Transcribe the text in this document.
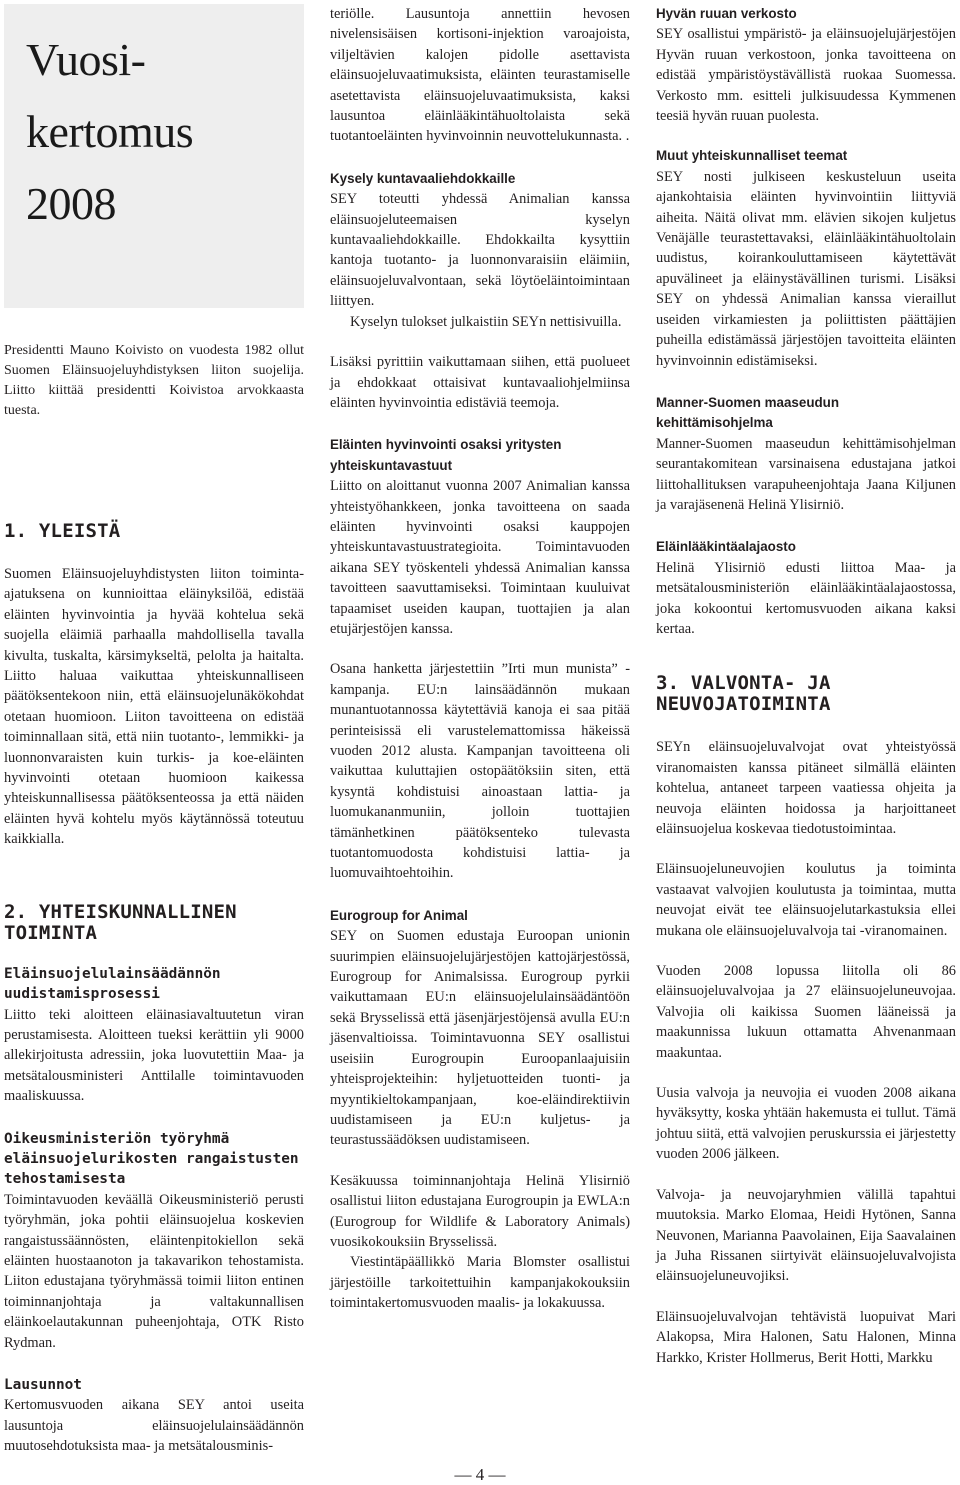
Vuosi-
kertomus
2008

Presidentti Mauno Koivisto on vuodesta 1982 ollut Suomen Eläinsuojeluyhdistyksen liiton suojelija. Liitto kiittää presidentti Koivistoa arvokkaasta tuesta.

1. YLEISTÄ

Suomen Eläinsuojeluyhdistysten liiton toiminta-ajatuksena on kunnioittaa eläinyksilöä, edistää eläinten hyvinvointia ja hyvää kohtelua sekä suojella eläimiä parhaalla mahdollisella tavalla kivulta, tuskalta, kärsimykseltä, pelolta ja haitalta. Liitto haluaa vaikuttaa yhteiskunnalliseen päätöksentekoon niin, että eläinsuojelunäkökohdat otetaan huomioon. Liiton tavoitteena on edistää toiminnallaan sitä, että niin tuotanto-, lemmikki- ja luonnonvaraisten kuin turkis- ja koe-eläinten hyvinvointi otetaan huomioon kaikessa yhteiskunnallisessa päätöksenteossa ja että näiden eläinten hyvä kohtelu myös käytännössä toteutuu kaikkialla.

2. YHTEISKUNNALLINEN TOIMINTA
Eläinsuojelulainsäädännön uudistamisprosessi

Liitto teki aloitteen eläinasiavaltuutetun viran perustamisesta. Aloitteen tueksi kerättiin yli 9000 allekirjoitusta adressiin, joka luovutettiin Maa- ja metsätalousministeri Anttilalle toimintavuoden maaliskuussa.

Oikeusministeriön työryhmä eläinsuojelurikosten rangaistusten tehostamisesta

Toimintavuoden keväällä Oikeusministeriö perusti työryhmän, joka pohtii eläinsuojelua koskevien rangaistussäännösten, eläintenpitokiellon sekä eläinten huostaanoton ja takavarikon tehostamista. Liiton edustajana työryhmässä toimii liiton entinen toiminnanjohtaja ja valtakunnallisen eläinkoelautakunnan puheenjohtaja, OTK Risto Rydman.

Lausunnot

Kertomusvuoden aikana SEY antoi useita lausuntoja eläinsuojelulainsäädännön muutosehdotuksista maa- ja metsätalousminis-

teriölle. Lausuntoja annettiin hevosen nivelensisäisen kortisoni-injektion varoajoista, viljeltävien kalojen pidolle asettavista eläinsuojeluvaatimuksista, eläinten teurastamiselle asetettavista eläinsuojeluvaatimuksista, kaksi lausuntoa eläinlääkintähuoltolaista sekä tuotantoeläinten hyvinvoinnin neuvottelukunnasta. .

Kysely kuntavaaliehdokkaille

SEY toteutti yhdessä Animalian kanssa eläinsuojeluteemaisen kyselyn kuntavaaliehdokkaille. Ehdokkailta kysyttiin kantoja tuotanto- ja luonnonvaraisiin eläimiin, eläinsuojeluvalvontaan, sekä löytöeläintoimintaan liittyen.

Kyselyn tulokset julkaistiin SEYn nettisivuilla.

Lisäksi pyrittiin vaikuttamaan siihen, että puolueet ja ehdokkaat ottaisivat kuntavaaliohjelmiinsa eläinten hyvinvointia edistäviä teemoja.

Eläinten hyvinvointi osaksi yritysten yhteiskuntavastuut

Liitto on aloittanut vuonna 2007 Animalian kanssa yhteistyöhankkeen, jonka tavoitteena on saada eläinten hyvinvointi osaksi kauppojen yhteiskuntavastuustrategioita. Toimintavuoden aikana SEY työskenteli yhdessä Animalian kanssa tavoitteen saavuttamiseksi. Toimintaan kuuluivat tapaamiset useiden kaupan, tuottajien ja alan etujärjestöjen kanssa.

Osana hanketta järjestettiin ”Irti mun munista” -kampanja. EU:n lainsäädännön mukaan munantuotannossa käytettäviä kanoja ei saa pitää perinteisissä eli varustelemattomissa häkeissä vuoden 2012 alusta. Kampanjan tavoitteena oli vaikuttaa kuluttajien ostopäätöksiin siten, että kysyntä kohdistuisi ainoastaan lattia- ja luomukananmuniin, jolloin tuottajien tämänhetkinen päätöksenteko tulevasta tuotantomuodosta kohdistuisi lattia- ja luomuvaihtoehtoihin.

Eurogroup for Animal

SEY on Suomen edustaja Euroopan unionin suurimpien eläinsuojelujärjestöjen kattojärjestössä, Eurogroup for Animalsissa. Eurogroup pyrkii vaikuttamaan EU:n eläinsuojelulainsäädäntöön sekä Brysselissä että jäsenjärjestöjensä avulla EU:n jäsenvaltioissa. Toimintavuonna SEY osallistui useisiin Eurogroupin Euroopanlaajuisiin yhteisprojekteihin: hyljetuotteiden tuonti- ja myyntikieltokampanjaan, koe-eläindirektiivin uudistamiseen ja EU:n kuljetus- ja teurastussäädöksen uudistamiseen.

Kesäkuussa toiminnanjohtaja Helinä Ylisirniö osallistui liiton edustajana Eurogroupin ja EWLA:n (Eurogroup for Wildlife & Laboratory Animals) vuosikokouksiin Brysselissä.

Viestintäpäällikkö Maria Blomster osallistui järjestöille tarkoitettuihin kampanjakokouksiin toimintakertomusvuoden maalis- ja lokakuussa.

Hyvän ruuan verkosto

SEY osallistui ympäristö- ja eläinsuojelujärjestöjen Hyvän ruuan verkostoon, jonka tavoitteena on edistää ympäristöystävällistä ruokaa Suomessa. Verkosto mm. esitteli julkisuudessa Kymmenen teesiä hyvän ruuan puolesta.

Muut yhteiskunnalliset teemat

SEY nosti julkiseen keskusteluun useita ajankohtaisia eläinten hyvinvointiin liittyviä aiheita. Näitä olivat mm. elävien sikojen kuljetus Venäjälle teurastettavaksi, eläinlääkintähuoltolain uudistus, koirankouluttamiseen käytettävät apuvälineet ja eläinystävällinen turismi. Lisäksi SEY on yhdessä Animalian kanssa vieraillut useiden virkamiesten ja poliittisten päättäjien puheilla edistämässä järjestöjen tavoitteita eläinten hyvinvoinnin edistämiseksi.

Manner-Suomen maaseudun kehittämisohjelma

Manner-Suomen maaseudun kehittämisohjelman seurantakomitean varsinaisena edustajana jatkoi liittohallituksen varapuheenjohtaja Jaana Kiljunen ja varajäsenenä Helinä Ylisirniö.

Eläinlääkintäalajaosto

Helinä Ylisirniö edusti liittoa Maa- ja metsätalousministeriön eläinlääkintäalajaostossa, joka kokoontui kertomusvuoden aikana kaksi kertaa.

3. VALVONTA- JA NEUVOJATOIMINTA

SEYn eläinsuojeluvalvojat ovat yhteistyössä viranomaisten kanssa pitäneet silmällä eläinten kohtelua, antaneet tarpeen vaatiessa ohjeita ja neuvoja eläinten hoidossa ja harjoittaneet eläinsuojelua koskevaa tiedotustoimintaa.

Eläinsuojeluneuvojien koulutus ja toiminta vastaavat valvojien koulutusta ja toimintaa, mutta neuvojat eivät tee eläinsuojelutarkastuksia ellei mukana ole eläinsuojeluvalvoja tai -viranomainen.

Vuoden 2008 lopussa liitolla oli 86 eläinsuojeluvalvojaa ja 27 eläinsuojeluneuvojaa. Valvojia oli kaikissa Suomen lääneissä ja maakunnissa lukuun ottamatta Ahvenanmaan maakuntaa.

Uusia valvoja ja neuvojia ei vuoden 2008 aikana hyväksytty, koska yhtään hakemusta ei tullut. Tämä johtuu siitä, että valvojien peruskurssia ei järjestetty vuoden 2006 jälkeen.

Valvoja- ja neuvojaryhmien välillä tapahtui muutoksia. Marko Elomaa, Heidi Hytönen, Sanna Neuvonen, Marianna Paavolainen, Eija Saavalainen ja Juha Rissanen siirtyivät eläinsuojeluvalvojista eläinsuojeluneuvojiksi.

Eläinsuojeluvalvojan tehtävistä luopuivat Mari Alakopsa, Mira Halonen, Satu Halonen, Minna Harkko, Krister Hollmerus, Berit Hotti, Markku

— 4 —
